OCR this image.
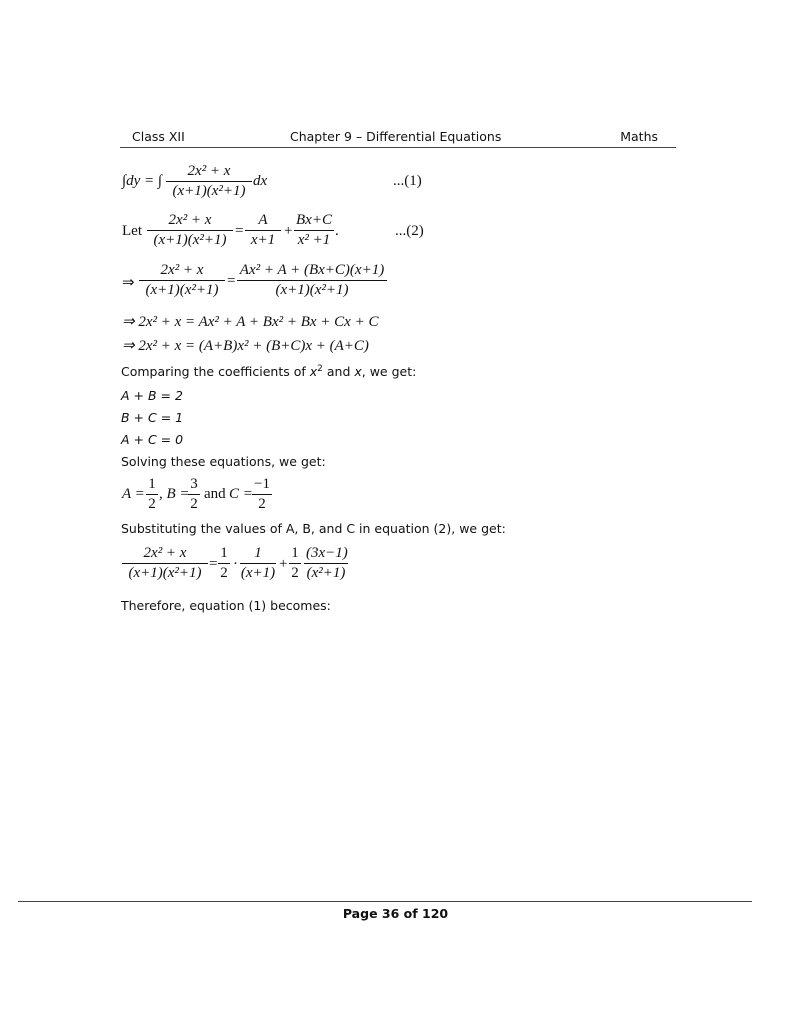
Class XII	Chapter 9 – Differential Equations	Maths
∫dy = ∫ $\frac{\text{2x² + x}}{\text{(x+1)(x²+1)}}$ dx	...(1)
Let $\frac{\text{2x² + x}}{\text{(x+1)(x²+1)}} = \frac{A}{x+1} + \frac{Bx+C}{\text{x² +1}}$ .	...(2)
⇒ $\frac{\text{2x² + x}}{\text{(x+1)(x²+1)}} = \frac{\text{Ax² + A + (Bx+C)(x+1)}}{\text{(x+1)(x²+1)}}$
⇒ 2x² + x = Ax² + A + Bx² + Bx + Cx + C
⇒ 2x² + x = (A+B)x² + (B+C)x + (A+C)
Comparing the coefficients of $x^2$ and x, we get:
A + B = 2
B + C = 1
A + C = 0
Solving these equations, we get:
$A = \frac{1}{2}$ , B =
$\frac{3}{2}$ and $C = \frac{-1}{2}$
Substituting the values of A, B, and C in equation (2), we get:
$\frac{\text{2x² + x}}{\text{(x+1)(x²+1)}} = \frac{1}{2} \cdot \frac{1}{(x+1)} + \frac{1}{2} \frac{(3x-1)}{\text{(x²+1)}}$
Therefore, equation (1) becomes:
Page 36 of 120
